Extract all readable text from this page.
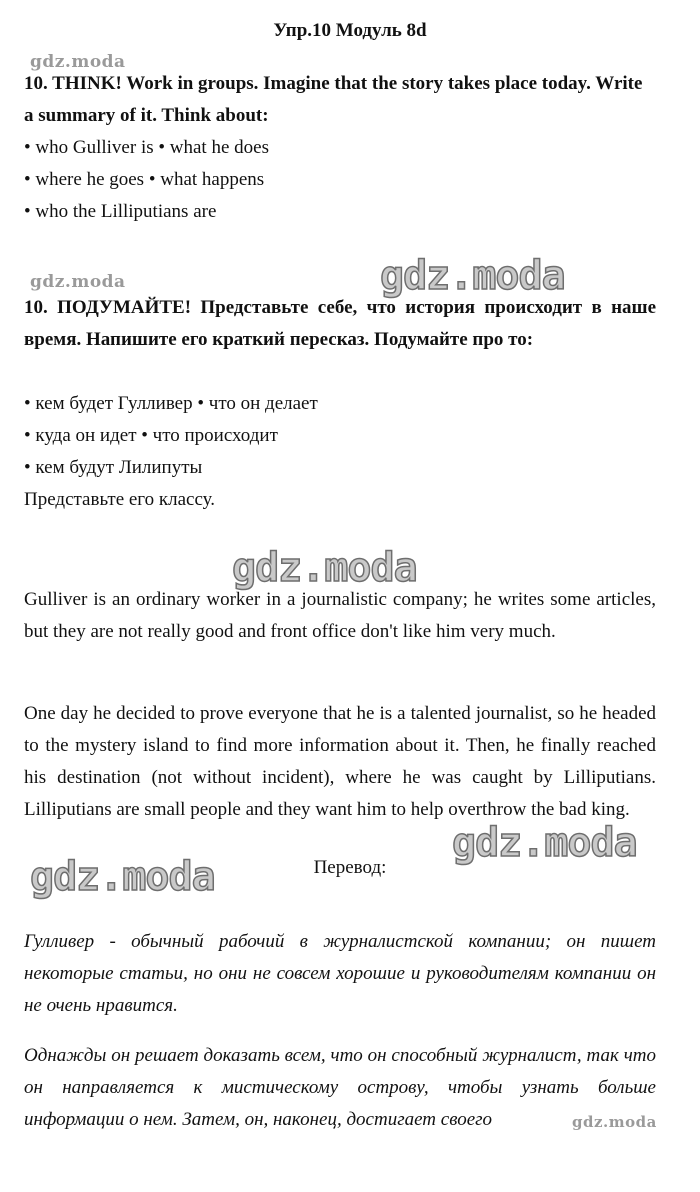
Упр.10 Модуль 8d
gdz.moda
10. THINK! Work in groups. Imagine that the story takes place today. Write a summary of it. Think about:
• who Gulliver is • what he does
• where he goes • what happens
• who the Lilliputians are
gdz.moda	gdz.moda
10. ПОДУМАЙТЕ! Представьте себе, что история происходит в наше время. Напишите его краткий пересказ. Подумайте про то:
• кем будет Гулливер • что он делает
• куда он идет • что происходит
• кем будут Лилипуты
Представьте его классу.
gdz.moda
Gulliver is an ordinary worker in a journalistic company; he writes some articles, but they are not really good and front office don't like him very much.
One day he decided to prove everyone that he is a talented journalist, so he headed to the mystery island to find more information about it. Then, he finally reached his destination (not without incident), where he was caught by Lilliputians. Lilliputians are small people and they want him to help overthrow the bad king.
gdz.moda
gdz.moda	Перевод:
Гулливер - обычный рабочий в журналистской компании; он пишет некоторые статьи, но они не совсем хорошие и руководителям компании он не очень нравится.
Однажды он решает доказать всем, что он способный журналист, так что он направляется к мистическому острову, чтобы узнать больше информации о нем. Затем, он, наконец, достигает своего	gdz.moda
